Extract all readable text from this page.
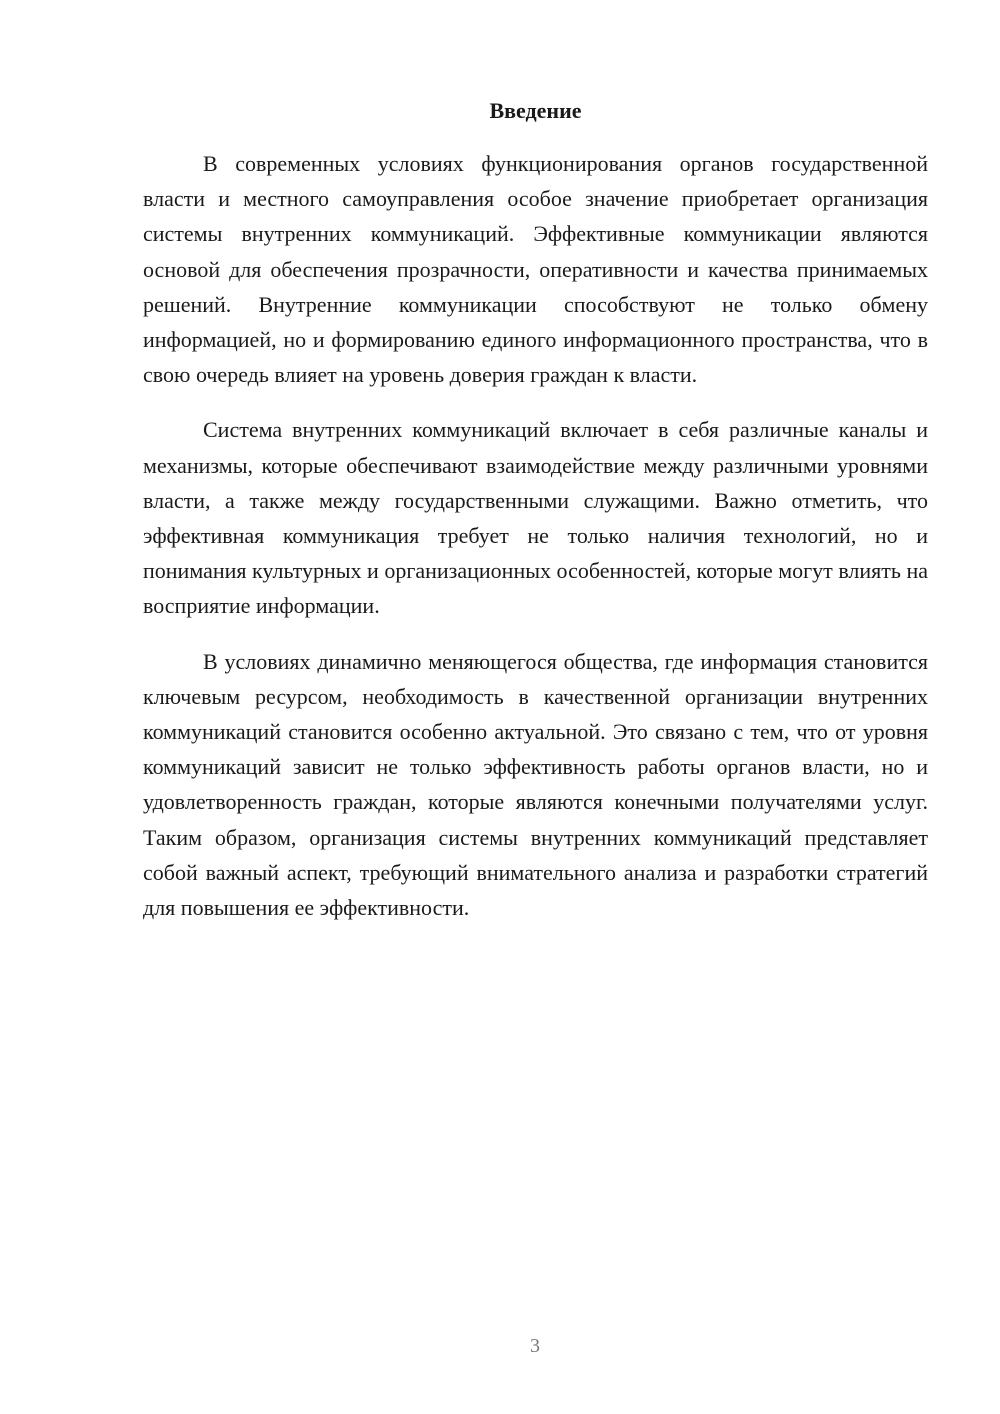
Введение

В современных условиях функционирования органов государственной власти и местного самоуправления особое значение приобретает организация системы внутренних коммуникаций. Эффективные коммуникации являются основой для обеспечения прозрачности, оперативности и качества принимаемых решений. Внутренние коммуникации способствуют не только обмену информацией, но и формированию единого информационного пространства, что в свою очередь влияет на уровень доверия граждан к власти.

Система внутренних коммуникаций включает в себя различные каналы и механизмы, которые обеспечивают взаимодействие между различными уровнями власти, а также между государственными служащими. Важно отметить, что эффективная коммуникация требует не только наличия технологий, но и понимания культурных и организационных особенностей, которые могут влиять на восприятие информации.

В условиях динамично меняющегося общества, где информация становится ключевым ресурсом, необходимость в качественной организации внутренних коммуникаций становится особенно актуальной. Это связано с тем, что от уровня коммуникаций зависит не только эффективность работы органов власти, но и удовлетворенность граждан, которые являются конечными получателями услуг. Таким образом, организация системы внутренних коммуникаций представляет собой важный аспект, требующий внимательного анализа и разработки стратегий для повышения ее эффективности.

3
